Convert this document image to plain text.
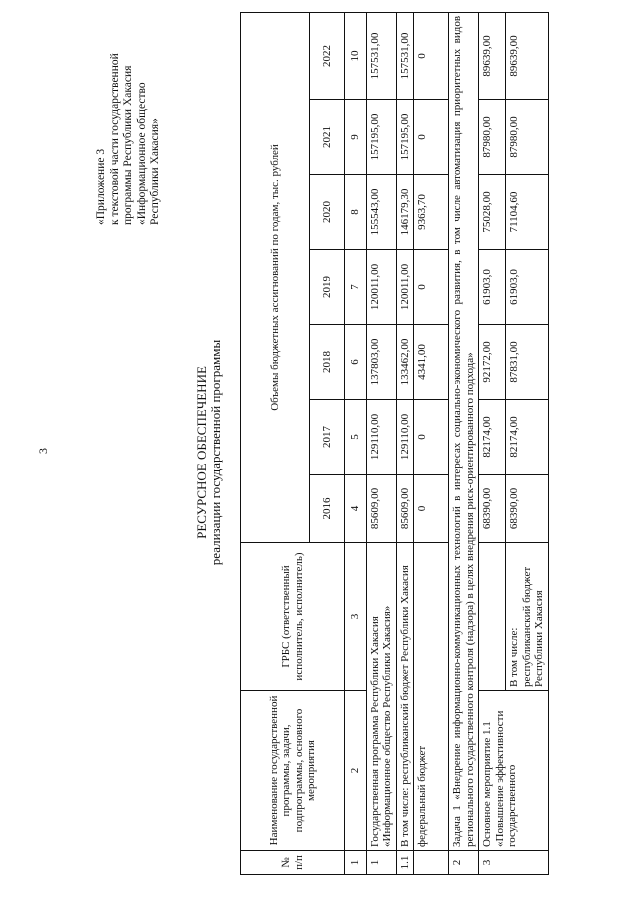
3
«Приложение 3 к текстовой части государственной программы Республики Хакасия «Информационное общество Республики Хакасия»
РЕСУРСНОЕ ОБЕСПЕЧЕНИЕ реализации государственной программы
№ п/п	Наименование государственной программы, задачи, подпрограммы, основного мероприятия	ГРБС (ответственный исполнитель, исполнитель)	Объемы бюджетных ассигнований по годам, тыс. рублей						
			2016	2017	2018	2019	2020	2021	2022
1	2	3	4	5	6	7	8	9	10
1	Государственная программа Республики Хакасия «Информационное общество Республики Хакасия»		85609,00	129110,00	137803,00	120011,00	155543,00	157195,00	157531,00
1.1	В том числе: республиканский бюджет Республики Хакасия		85609,00	129110,00	133462,00	120011,00	146179,30	157195,00	157531,00
	федеральный бюджет		0	0	4341,00	0	9363,70	0	0
2	Задача 1 «Внедрение информационно-коммуникационных технологий в интересах социально-экономического развития, в том числе автоматизация приоритетных видов регионального государственного контроля (надзора) в целях внедрения риск-ориентированного подхода»								
3	Основное мероприятие 1.1 «Повышение эффективности государственного		68390,00	82174,00	92172,00	61903,0	75028,00	87980,00	89639,00
		В том числе: республиканский бюджет Республики Хакасия	68390,00	82174,00	87831,00	61903,0	71104,60	87980,00	89639,00
